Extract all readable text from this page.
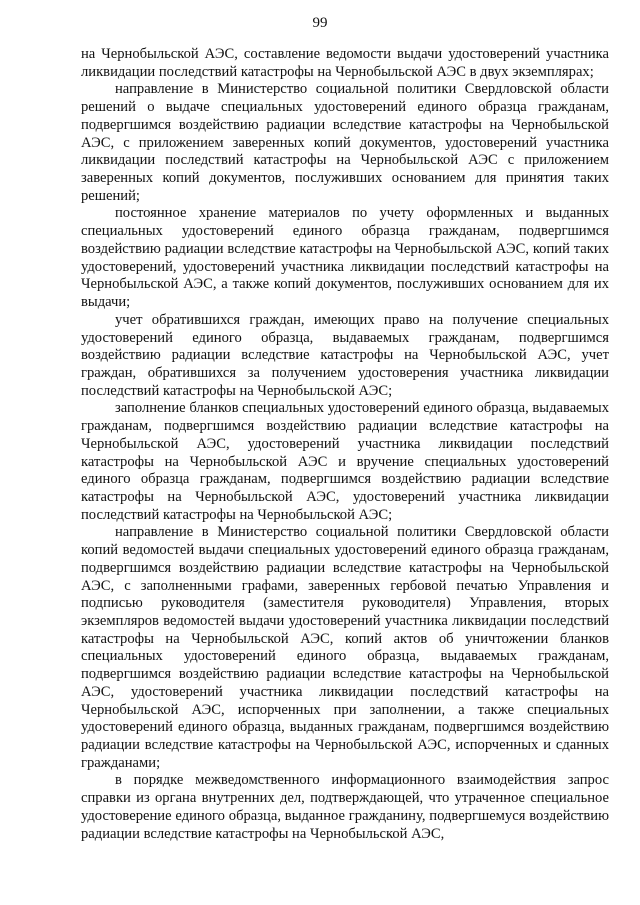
99

на Чернобыльской АЭС, составление ведомости выдачи удостоверений участника ликвидации последствий катастрофы на Чернобыльской АЭС в двух экземплярах;

направление в Министерство социальной политики Свердловской области решений о выдаче специальных удостоверений единого образца гражданам, подвергшимся воздействию радиации вследствие катастрофы на Чернобыльской АЭС, с приложением заверенных копий документов, удостоверений участника ликвидации последствий катастрофы на Чернобыльской АЭС с приложением заверенных копий документов, послуживших основанием для принятия таких решений;

постоянное хранение материалов по учету оформленных и выданных специальных удостоверений единого образца гражданам, подвергшимся воздействию радиации вследствие катастрофы на Чернобыльской АЭС, копий таких удостоверений, удостоверений участника ликвидации последствий катастрофы на Чернобыльской АЭС, а также копий документов, послуживших основанием для их выдачи;

учет обратившихся граждан, имеющих право на получение специальных удостоверений единого образца, выдаваемых гражданам, подвергшимся воздействию радиации вследствие катастрофы на Чернобыльской АЭС, учет граждан, обратившихся за получением удостоверения участника ликвидации последствий катастрофы на Чернобыльской АЭС;

заполнение бланков специальных удостоверений единого образца, выдаваемых гражданам, подвергшимся воздействию радиации вследствие катастрофы на Чернобыльской АЭС, удостоверений участника ликвидации последствий катастрофы на Чернобыльской АЭС и вручение специальных удостоверений единого образца гражданам, подвергшимся воздействию радиации вследствие катастрофы на Чернобыльской АЭС, удостоверений участника ликвидации последствий катастрофы на Чернобыльской АЭС;

направление в Министерство социальной политики Свердловской области копий ведомостей выдачи специальных удостоверений единого образца гражданам, подвергшимся воздействию радиации вследствие катастрофы на Чернобыльской АЭС, с заполненными графами, заверенных гербовой печатью Управления и подписью руководителя (заместителя руководителя) Управления, вторых экземпляров ведомостей выдачи удостоверений участника ликвидации последствий катастрофы на Чернобыльской АЭС, копий актов об уничтожении бланков специальных удостоверений единого образца, выдаваемых гражданам, подвергшимся воздействию радиации вследствие катастрофы на Чернобыльской АЭС, удостоверений участника ликвидации последствий катастрофы на Чернобыльской АЭС, испорченных при заполнении, а также специальных удостоверений единого образца, выданных гражданам, подвергшимся воздействию радиации вследствие катастрофы на Чернобыльской АЭС, испорченных и сданных гражданами;

в порядке межведомственного информационного взаимодействия запрос справки из органа внутренних дел, подтверждающей, что утраченное специальное удостоверение единого образца, выданное гражданину, подвергшемуся воздействию радиации вследствие катастрофы на Чернобыльской АЭС,
